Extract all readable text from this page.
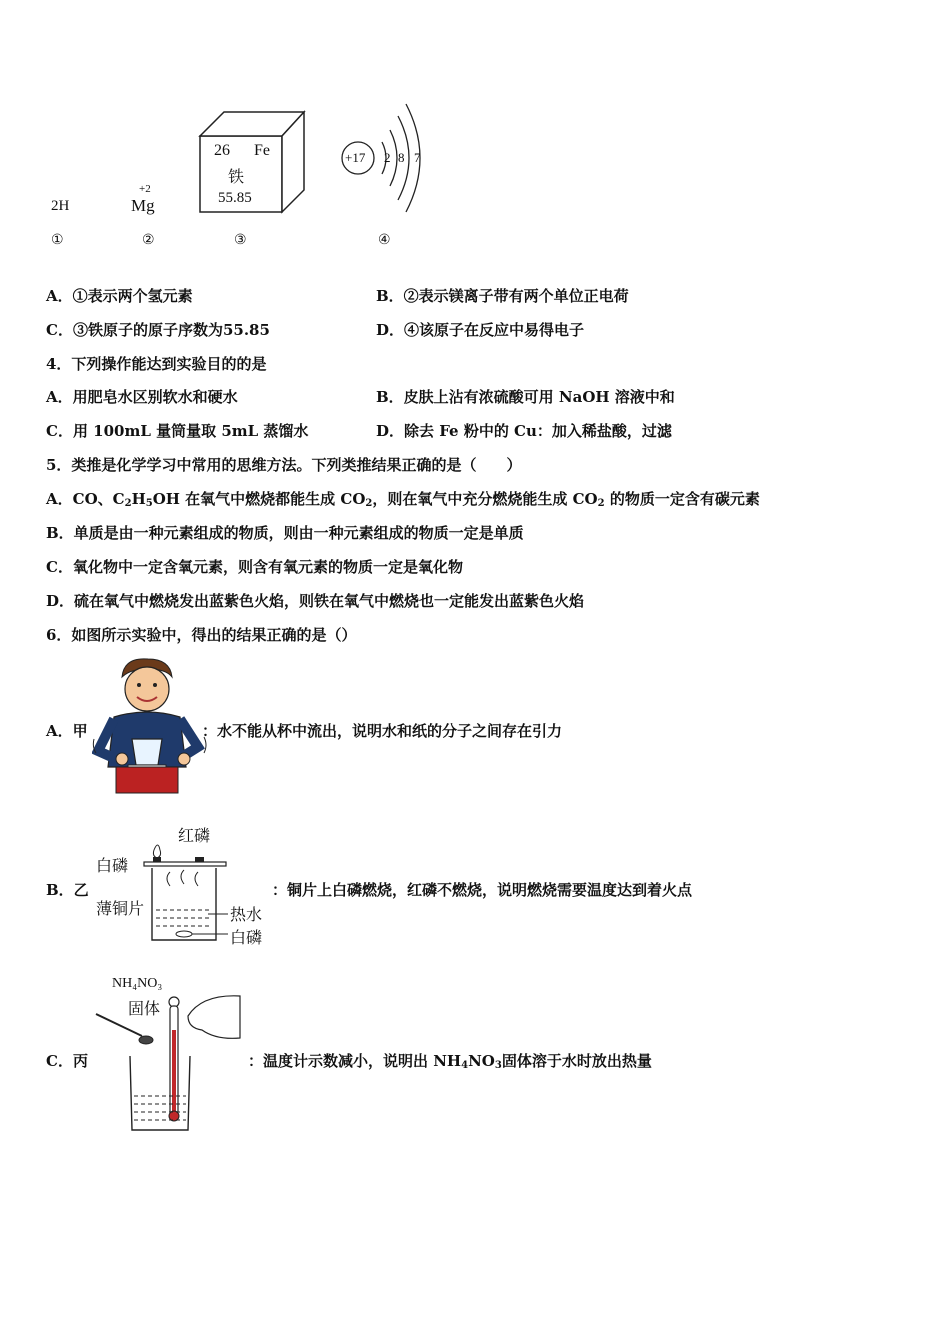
2H
+2
Mg
26 Fe
铁
55.85
+17 2 8 7
①	②	③	④
A．①表示两个氢元素	B．②表示镁离子带有两个单位正电荷
C．③铁原子的原子序数为55.85	D．④该原子在反应中易得电子
4．下列操作能达到实验目的的是
A．用肥皂水区别软水和硬水	B．皮肤上沾有浓硫酸可用 NaOH 溶液中和
C．用 100mL 量筒量取 5mL 蒸馏水	D．除去 Fe 粉中的 Cu：加入稀盐酸，过滤
5．类推是化学学习中常用的思维方法。下列类推结果正确的是（　　）
A．CO、$C_2H_5OH$ 在氧气中燃烧都能生成 $CO_2$，则在氧气中充分燃烧能生成 $CO_2$ 的物质一定含有碳元素
B．单质是由一种元素组成的物质，则由一种元素组成的物质一定是单质
C．氧化物中一定含氧元素，则含有氧元素的物质一定是氧化物
D．硫在氧气中燃烧发出蓝紫色火焰，则铁在氧气中燃烧也一定能发出蓝紫色火焰
6．如图所示实验中，得出的结果正确的是（）
A．甲	：水不能从杯中流出，说明水和纸的分子之间存在引力
B．乙
红磷
白磷
薄铜片	热水
白磷
：铜片上白磷燃烧，红磷不燃烧，说明燃烧需要温度达到着火点
C．丙
NH₄NO₃
固体
：温度计示数减小，说明出 $NH_4NO_3$固体溶于水时放出热量
